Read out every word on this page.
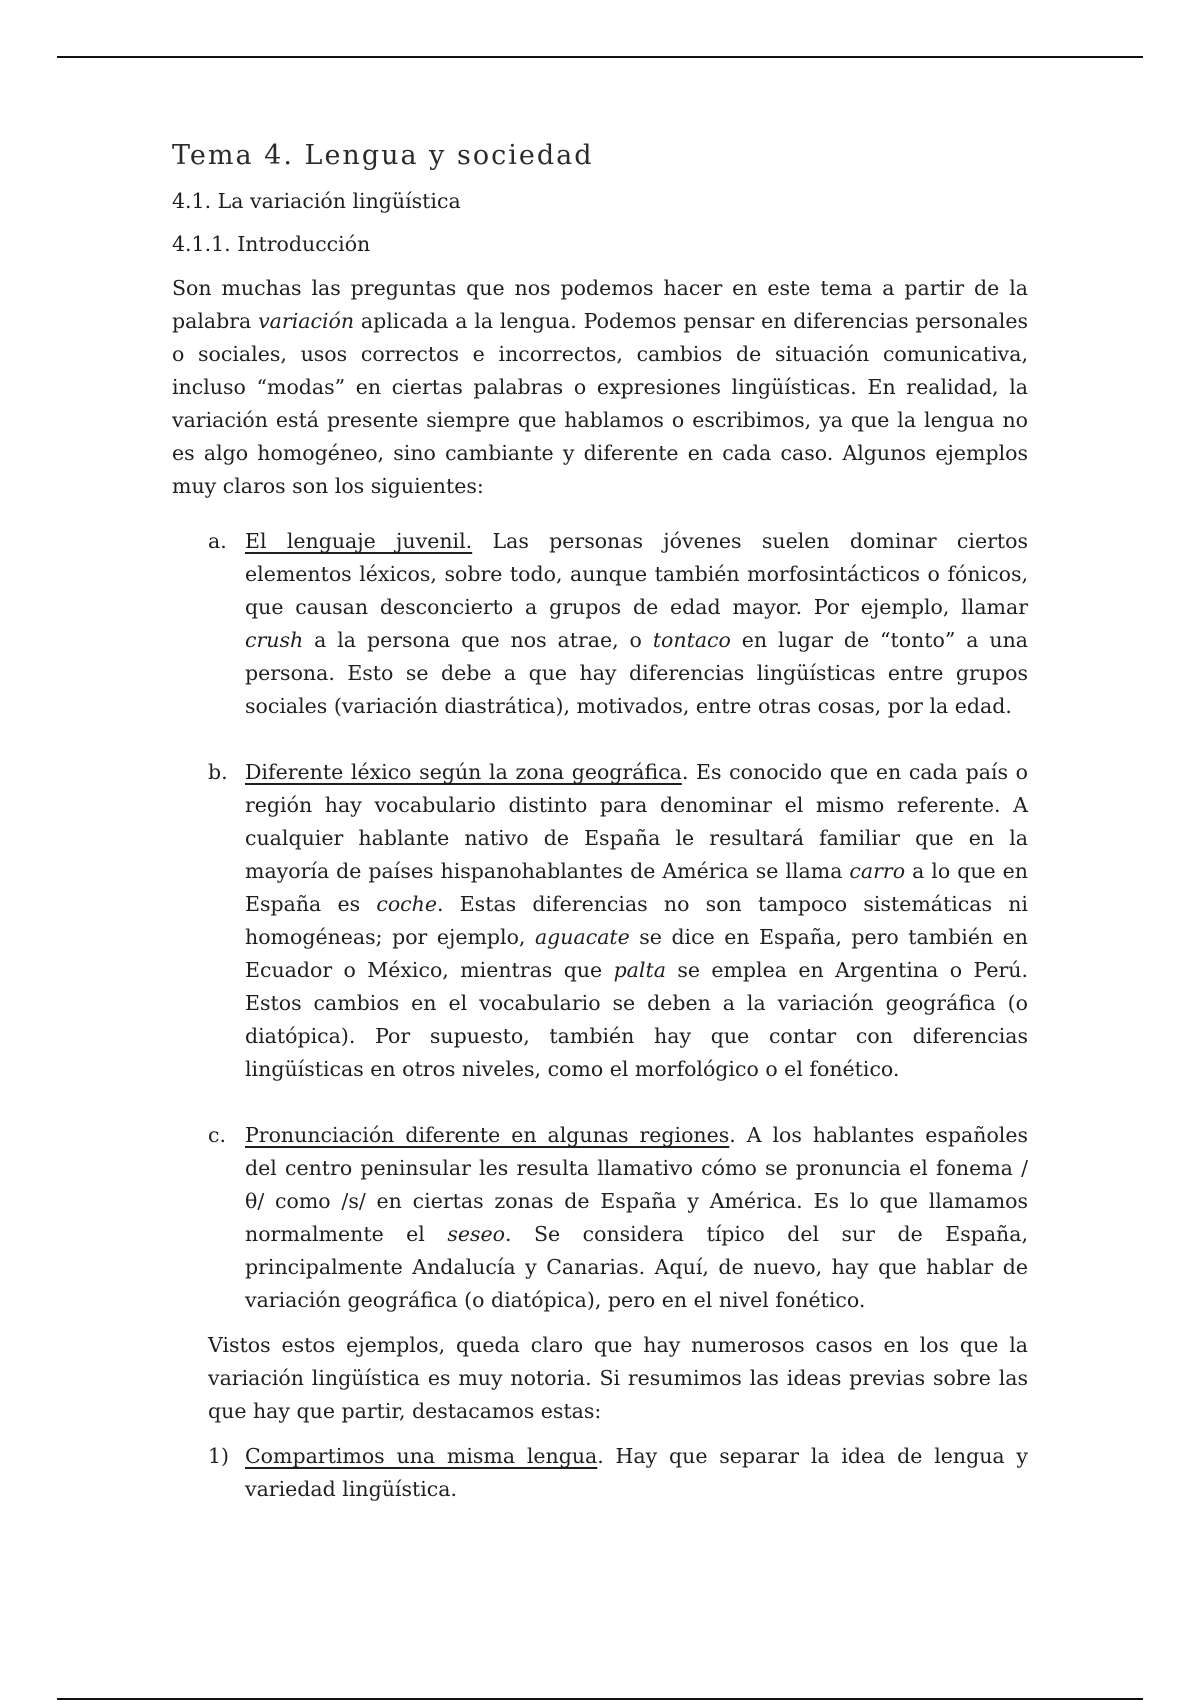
Tema 4. Lengua y sociedad
4.1. La variación lingüística
4.1.1. Introducción

Son muchas las preguntas que nos podemos hacer en este tema a partir de la palabra variación aplicada a la lengua. Podemos pensar en diferencias personales o sociales, usos correctos e incorrectos, cambios de situación comunicativa, incluso “modas” en ciertas palabras o expresiones lingüísticas. En realidad, la variación está presente siempre que hablamos o escribimos, ya que la lengua no es algo homogéneo, sino cambiante y diferente en cada caso. Algunos ejemplos muy claros son los siguientes:

a. El lenguaje juvenil. Las personas jóvenes suelen dominar ciertos elementos léxicos, sobre todo, aunque también morfosintácticos o fónicos, que causan desconcierto a grupos de edad mayor. Por ejemplo, llamar crush a la persona que nos atrae, o tontaco en lugar de “tonto” a una persona. Esto se debe a que hay diferencias lingüísticas entre grupos sociales (variación diastrática), motivados, entre otras cosas, por la edad.
b. Diferente léxico según la zona geográfica. Es conocido que en cada país o región hay vocabulario distinto para denominar el mismo referente. A cualquier hablante nativo de España le resultará familiar que en la mayoría de países hispanohablantes de América se llama carro a lo que en España es coche. Estas diferencias no son tampoco sistemáticas ni homogéneas; por ejemplo, aguacate se dice en España, pero también en Ecuador o México, mientras que palta se emplea en Argentina o Perú. Estos cambios en el vocabulario se deben a la variación geográfica (o diatópica). Por supuesto, también hay que contar con diferencias lingüísticas en otros niveles, como el morfológico o el fonético.
c. Pronunciación diferente en algunas regiones. A los hablantes españoles del centro peninsular les resulta llamativo cómo se pronuncia el fonema /θ/ como /s/ en ciertas zonas de España y América. Es lo que llamamos normalmente el seseo. Se considera típico del sur de España, principalmente Andalucía y Canarias. Aquí, de nuevo, hay que hablar de variación geográfica (o diatópica), pero en el nivel fonético.

Vistos estos ejemplos, queda claro que hay numerosos casos en los que la variación lingüística es muy notoria. Si resumimos las ideas previas sobre las que hay que partir, destacamos estas:

1) Compartimos una misma lengua. Hay que separar la idea de lengua y variedad lingüística.
